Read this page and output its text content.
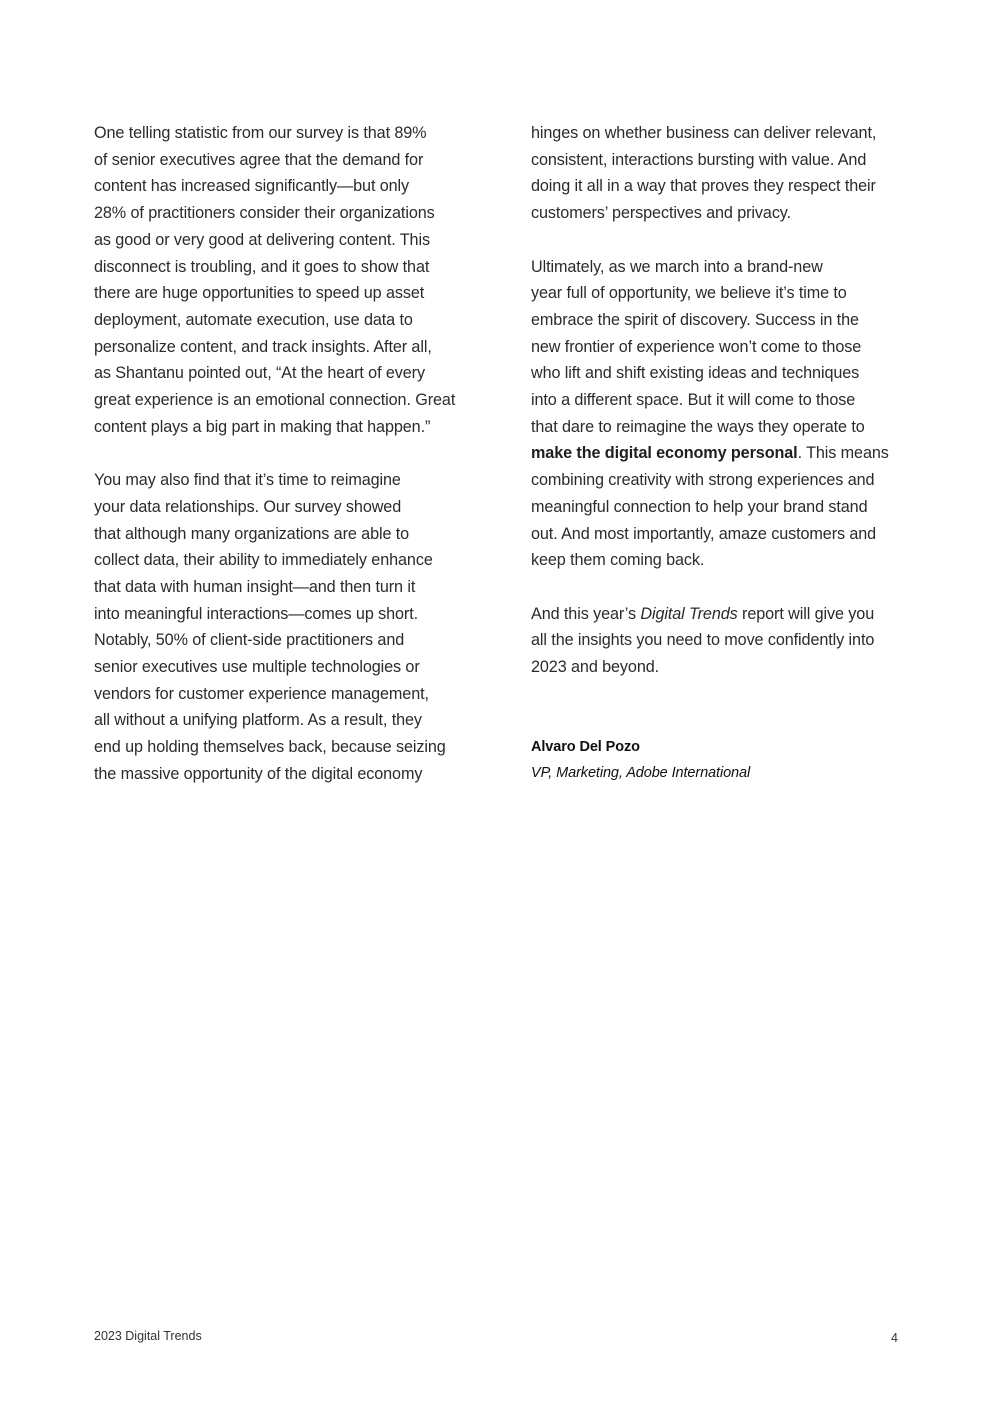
One telling statistic from our survey is that 89%
of senior executives agree that the demand for
content has increased significantly—but only
28% of practitioners consider their organizations
as good or very good at delivering content. This
disconnect is troubling, and it goes to show that
there are huge opportunities to speed up asset
deployment, automate execution, use data to
personalize content, and track insights. After all,
as Shantanu pointed out, “At the heart of every
great experience is an emotional connection. Great
content plays a big part in making that happen.”

You may also find that it’s time to reimagine
your data relationships. Our survey showed
that although many organizations are able to
collect data, their ability to immediately enhance
that data with human insight—and then turn it
into meaningful interactions—comes up short.
Notably, 50% of client-side practitioners and
senior executives use multiple technologies or
vendors for customer experience management,
all without a unifying platform. As a result, they
end up holding themselves back, because seizing
the massive opportunity of the digital economy

hinges on whether business can deliver relevant,
consistent, interactions bursting with value. And
doing it all in a way that proves they respect their
customers’ perspectives and privacy.

Ultimately, as we march into a brand-new
year full of opportunity, we believe it’s time to
embrace the spirit of discovery. Success in the
new frontier of experience won’t come to those
who lift and shift existing ideas and techniques
into a different space. But it will come to those
that dare to reimagine the ways they operate to
make the digital economy personal. This means
combining creativity with strong experiences and
meaningful connection to help your brand stand
out. And most importantly, amaze customers and
keep them coming back.

And this year’s Digital Trends report will give you
all the insights you need to move confidently into
2023 and beyond.

Alvaro Del Pozo
VP, Marketing, Adobe International
2023 Digital Trends	4
